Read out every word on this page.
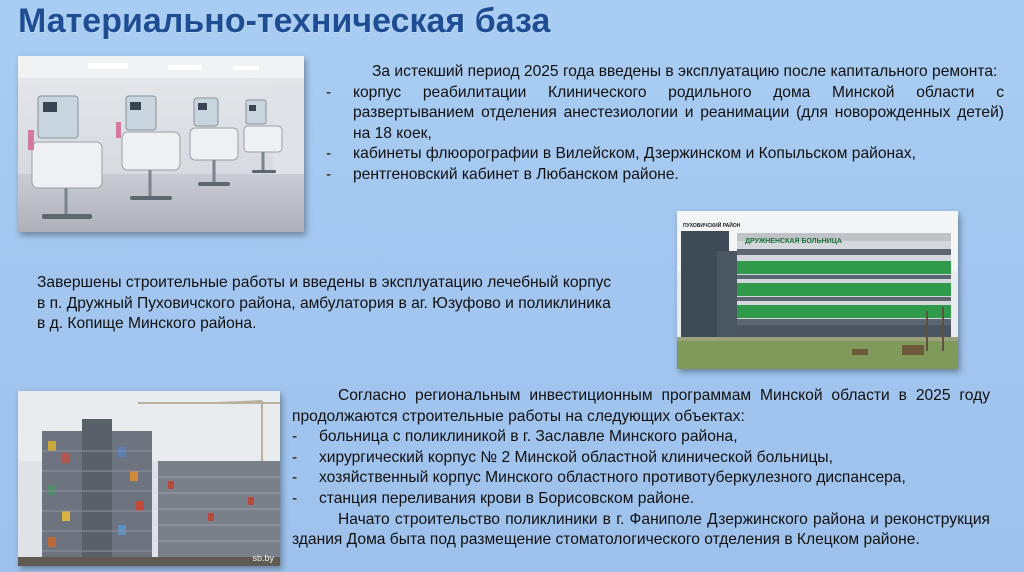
Материально-техническая база

За истекший период 2025 года введены в эксплуатацию после капитального ремонта:

- корпус реабилитации Клинического родильного дома Минской области с развертыванием отделения анестезиологии и реанимации (для новорожденных детей) на 18 коек,
- кабинеты флюорографии в Вилейском, Дзержинском и Копыльском районах,
- рентгеновский кабинет в Любанском районе.
ПУХОВИЧСКИЙ РАЙОН
ДРУЖНЕНСКАЯ БОЛЬНИЦА
Завершены строительные работы и введены в эксплуатацию лечебный корпус в п. Дружный Пуховичского района, амбулатория в аг. Юзуфово и поликлиника в д. Копище Минского района.
sb.by

Согласно региональным инвестиционным программам Минской области в 2025 году продолжаются строительные работы на следующих объектах:

- больница с поликлиникой в г. Заславле Минского района,
- хирургический корпус № 2 Минской областной клинической больницы,
- хозяйственный корпус Минского областного противотуберкулезного диспансера,
- станция переливания крови в Борисовском районе.

Начато строительство поликлиники в г. Фаниполе Дзержинского района и реконструкция здания Дома быта под размещение стоматологического отделения в Клецком районе.
